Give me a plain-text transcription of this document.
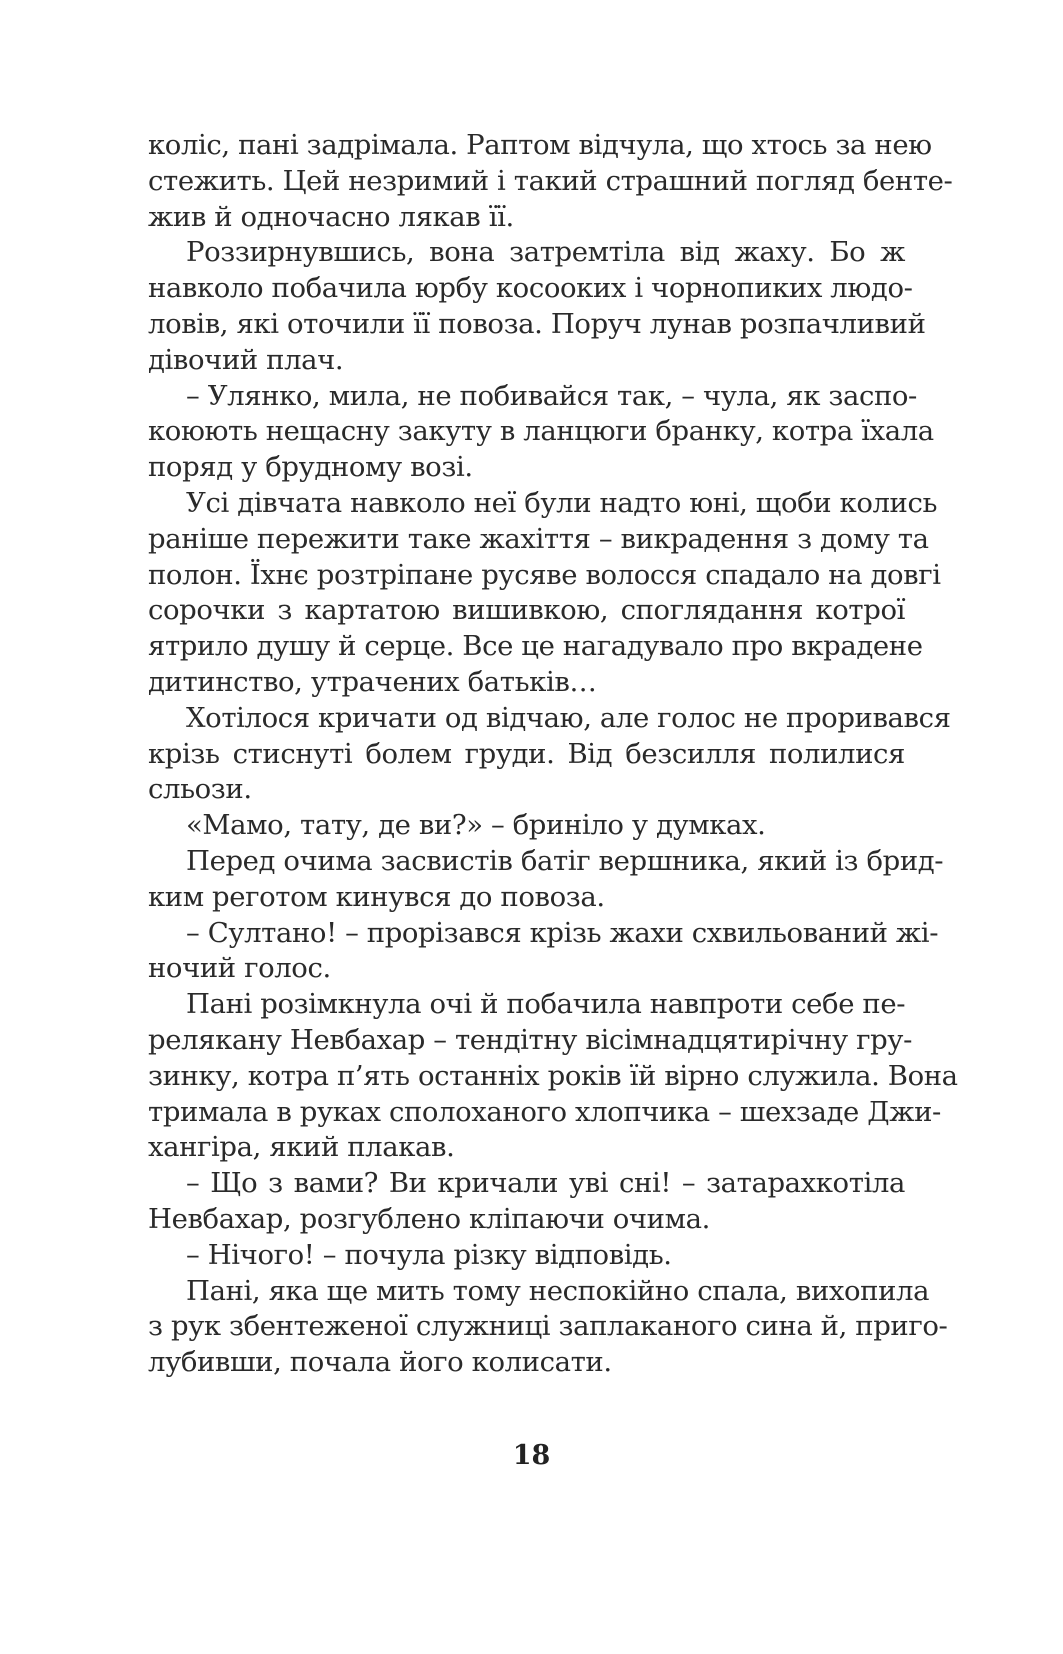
коліс, пані задрімала. Раптом відчула, що хтось за нею
стежить. Цей незримий і такий страшний погляд бенте-
жив й одночасно лякав її.
Роззирнувшись, вона затремтіла від жаху. Бо ж
навколо побачила юрбу косооких і чорнопиких людо-
ловів, які оточили її повоза. Поруч лунав розпачливий
дівочий плач.
– Улянко, мила, не побивайся так, – чула, як заспо-
коюють нещасну закуту в ланцюги бранку, котра їхала
поряд у брудному возі.
Усі дівчата навколо неї були надто юні, щоби колись
раніше пережити таке жахіття – викрадення з дому та
полон. Їхнє розтріпане русяве волосся спадало на довгі
сорочки з картатою вишивкою, споглядання котрої
ятрило душу й серце. Все це нагадувало про вкрадене
дитинство, утрачених батьків…
Хотілося кричати од відчаю, але голос не проривався
крізь стиснуті болем груди. Від безсилля полилися
сльози.
«Мамо, тату, де ви?» – бриніло у думках.
Перед очима засвистів батіг вершника, який із брид-
ким реготом кинувся до повоза.
– Султано! – прорізався крізь жахи схвильований жі-
ночий голос.
Пані розімкнула очі й побачила навпроти себе пе-
релякану Невбахар – тендітну вісімнадцятирічну гру-
зинку, котра п’ять останніх років їй вірно служила. Вона
тримала в руках сполоханого хлопчика – шехзаде Джи-
хангіра, який плакав.
– Що з вами? Ви кричали уві сні! – затарахкотіла
Невбахар, розгублено кліпаючи очима.
– Нічого! – почула різку відповідь.
Пані, яка ще мить тому неспокійно спала, вихопила
з рук збентеженої служниці заплаканого сина й, приго-
лубивши, почала його колисати.
18
